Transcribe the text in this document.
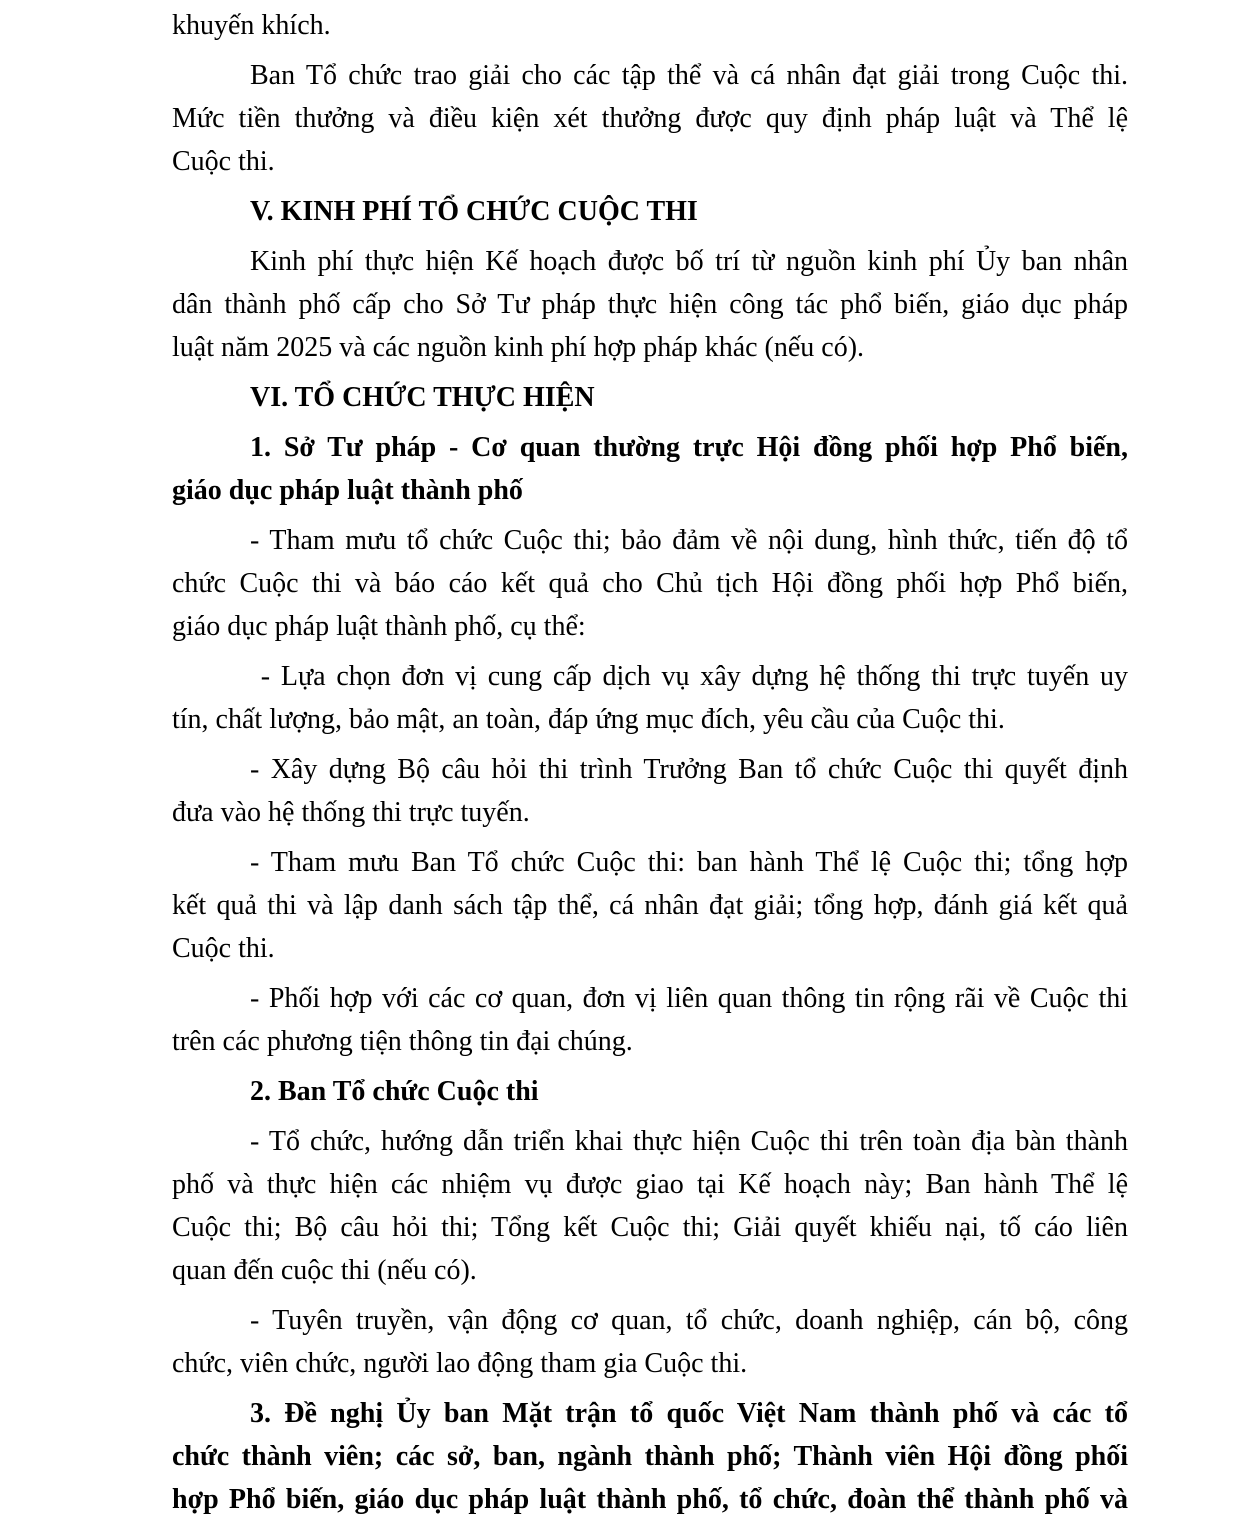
khuyến khích.
Ban Tổ chức trao giải cho các tập thể và cá nhân đạt giải trong Cuộc thi.
Mức tiền thưởng và điều kiện xét thưởng được quy định pháp luật và Thể lệ
Cuộc thi.
V. KINH PHÍ TỔ CHỨC CUỘC THI
Kinh phí thực hiện Kế hoạch được bố trí từ nguồn kinh phí Ủy ban nhân
dân thành phố cấp cho Sở Tư pháp thực hiện công tác phổ biến, giáo dục pháp
luật năm 2025 và các nguồn kinh phí hợp pháp khác (nếu có).
VI. TỔ CHỨC THỰC HIỆN
1. Sở Tư pháp - Cơ quan thường trực Hội đồng phối hợp Phổ biến,
giáo dục pháp luật thành phố
- Tham mưu tổ chức Cuộc thi; bảo đảm về nội dung, hình thức, tiến độ tổ
chức Cuộc thi và báo cáo kết quả cho Chủ tịch Hội đồng phối hợp Phổ biến,
giáo dục pháp luật thành phố, cụ thể:
- Lựa chọn đơn vị cung cấp dịch vụ xây dựng hệ thống thi trực tuyến uy
tín, chất lượng, bảo mật, an toàn, đáp ứng mục đích, yêu cầu của Cuộc thi.
- Xây dựng Bộ câu hỏi thi trình Trưởng Ban tổ chức Cuộc thi quyết định
đưa vào hệ thống thi trực tuyến.
- Tham mưu Ban Tổ chức Cuộc thi: ban hành Thể lệ Cuộc thi; tổng hợp
kết quả thi và lập danh sách tập thể, cá nhân đạt giải; tổng hợp, đánh giá kết quả
Cuộc thi.
- Phối hợp với các cơ quan, đơn vị liên quan thông tin rộng rãi về Cuộc thi
trên các phương tiện thông tin đại chúng.
2. Ban Tổ chức Cuộc thi
- Tổ chức, hướng dẫn triển khai thực hiện Cuộc thi trên toàn địa bàn thành
phố và thực hiện các nhiệm vụ được giao tại Kế hoạch này; Ban hành Thể lệ
Cuộc thi; Bộ câu hỏi thi; Tổng kết Cuộc thi; Giải quyết khiếu nại, tố cáo liên
quan đến cuộc thi (nếu có).
- Tuyên truyền, vận động cơ quan, tổ chức, doanh nghiệp, cán bộ, công
chức, viên chức, người lao động tham gia Cuộc thi.
3. Đề nghị Ủy ban Mặt trận tổ quốc Việt Nam thành phố và các tổ
chức thành viên; các sở, ban, ngành thành phố; Thành viên Hội đồng phối
hợp Phổ biến, giáo dục pháp luật thành phố, tổ chức, đoàn thể thành phố và
